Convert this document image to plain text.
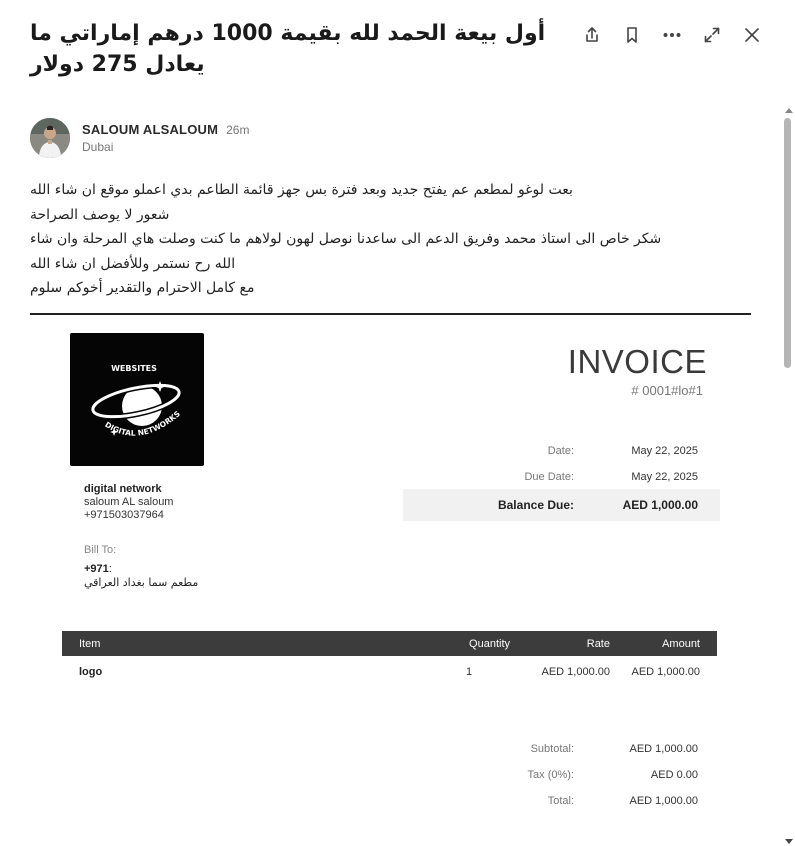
أول بيعة الحمد لله بقيمة 1000 درهم إماراتي ما يعادل 275 دولار
SALOUM ALSALOUM 26m
Dubai
بعت لوغو لمطعم عم يفتح جديد وبعد فترة بس جهز قائمة الطاعم بدي اعملو موقع ان شاء الله
شعور لا يوصف الصراحة
شكر خاص الى استاذ محمد وفريق الدعم الى ساعدنا نوصل لهون لولاهم ما كنت وصلت هاي المرحلة وان شاء
الله رح نستمر وللأفضل ان شاء الله
مع كامل الاحترام والتقدير أخوكم سلوم
WEBSITES
DIGITAL NETWORKS
INVOICE
# 0001#lo#1
Date:	May 22, 2025
Due Date:	May 22, 2025
Balance Due:	AED 1,000.00
digital network
saloum AL saloum
+971503037964
Bill To:
+971:
مطعم سما بغداد العراقي
Item	Quantity	Rate	Amount
logo	1	AED 1,000.00 AED 1,000.00
Subtotal:	AED 1,000.00
Tax (0%):	AED 0.00
Total:	AED 1,000.00
